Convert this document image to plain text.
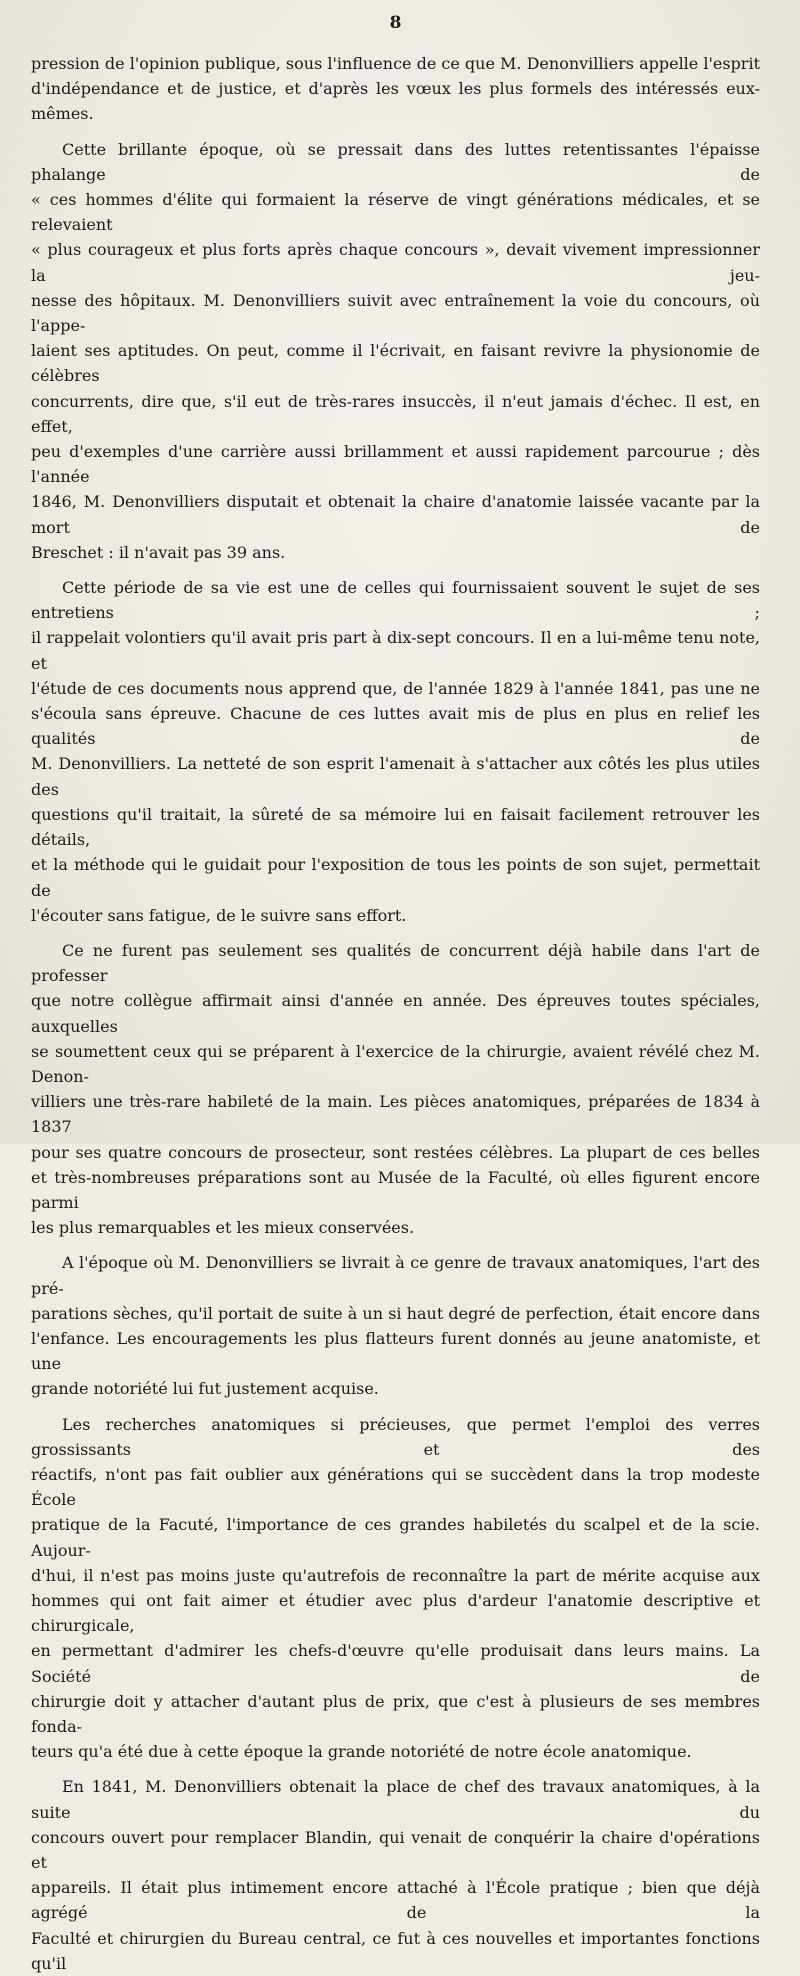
8
pression de l'opinion publique, sous l'influence de ce que M. Denonvilliers appelle l'esprit
d'indépendance et de justice, et d'après les vœux les plus formels des intéressés eux-mêmes.
Cette brillante époque, où se pressait dans des luttes retentissantes l'épaisse phalange de
« ces hommes d'élite qui formaient la réserve de vingt générations médicales, et se relevaient
« plus courageux et plus forts après chaque concours », devait vivement impressionner la jeu-
nesse des hôpitaux. M. Denonvilliers suivit avec entraînement la voie du concours, où l'appe-
laient ses aptitudes. On peut, comme il l'écrivait, en faisant revivre la physionomie de célèbres
concurrents, dire que, s'il eut de très-rares insuccès, il n'eut jamais d'échec. Il est, en effet,
peu d'exemples d'une carrière aussi brillamment et aussi rapidement parcourue ; dès l'année
1846, M. Denonvilliers disputait et obtenait la chaire d'anatomie laissée vacante par la mort de
Breschet : il n'avait pas 39 ans.
Cette période de sa vie est une de celles qui fournissaient souvent le sujet de ses entretiens ;
il rappelait volontiers qu'il avait pris part à dix-sept concours. Il en a lui-même tenu note, et
l'étude de ces documents nous apprend que, de l'année 1829 à l'année 1841, pas une ne
s'écoula sans épreuve. Chacune de ces luttes avait mis de plus en plus en relief les qualités de
M. Denonvilliers. La netteté de son esprit l'amenait à s'attacher aux côtés les plus utiles des
questions qu'il traitait, la sûreté de sa mémoire lui en faisait facilement retrouver les détails,
et la méthode qui le guidait pour l'exposition de tous les points de son sujet, permettait de
l'écouter sans fatigue, de le suivre sans effort.
Ce ne furent pas seulement ses qualités de concurrent déjà habile dans l'art de professer
que notre collègue affirmait ainsi d'année en année. Des épreuves toutes spéciales, auxquelles
se soumettent ceux qui se préparent à l'exercice de la chirurgie, avaient révélé chez M. Denon-
villiers une très-rare habileté de la main. Les pièces anatomiques, préparées de 1834 à 1837
pour ses quatre concours de prosecteur, sont restées célèbres. La plupart de ces belles
et très-nombreuses préparations sont au Musée de la Faculté, où elles figurent encore parmi
les plus remarquables et les mieux conservées.
A l'époque où M. Denonvilliers se livrait à ce genre de travaux anatomiques, l'art des pré-
parations sèches, qu'il portait de suite à un si haut degré de perfection, était encore dans
l'enfance. Les encouragements les plus flatteurs furent donnés au jeune anatomiste, et une
grande notoriété lui fut justement acquise.
Les recherches anatomiques si précieuses, que permet l'emploi des verres grossissants et des
réactifs, n'ont pas fait oublier aux générations qui se succèdent dans la trop modeste École
pratique de la Facuté, l'importance de ces grandes habiletés du scalpel et de la scie. Aujour-
d'hui, il n'est pas moins juste qu'autrefois de reconnaître la part de mérite acquise aux
hommes qui ont fait aimer et étudier avec plus d'ardeur l'anatomie descriptive et chirurgicale,
en permettant d'admirer les chefs-d'œuvre qu'elle produisait dans leurs mains. La Société de
chirurgie doit y attacher d'autant plus de prix, que c'est à plusieurs de ses membres fonda-
teurs qu'a été due à cette époque la grande notoriété de notre école anatomique.
En 1841, M. Denonvilliers obtenait la place de chef des travaux anatomiques, à la suite du
concours ouvert pour remplacer Blandin, qui venait de conquérir la chaire d'opérations et
appareils. Il était plus intimement encore attaché à l'École pratique ; bien que déjà agrégé de la
Faculté et chirurgien du Bureau central, ce fut à ces nouvelles et importantes fonctions qu'il
